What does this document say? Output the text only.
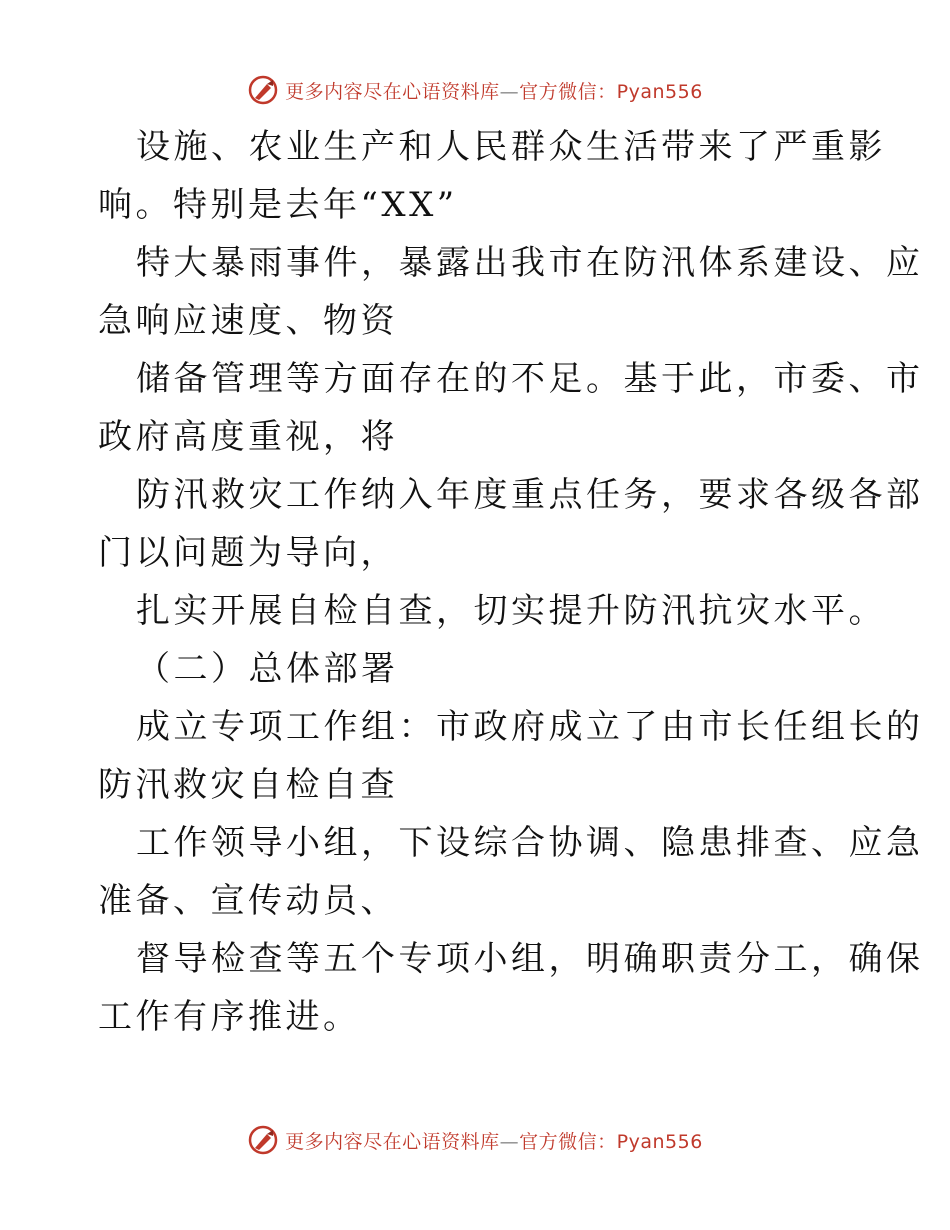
更多内容尽在心语资料库—官方微信：Pyan556
设施、农业生产和人民群众生活带来了严重影
响。特别是去年“XX”
特大暴雨事件，暴露出我市在防汛体系建设、应
急响应速度、物资
储备管理等方面存在的不足。基于此，市委、市
政府高度重视，将
防汛救灾工作纳入年度重点任务，要求各级各部
门以问题为导向，
扎实开展自检自查，切实提升防汛抗灾水平。
（二）总体部署
成立专项工作组：市政府成立了由市长任组长的
防汛救灾自检自查
工作领导小组，下设综合协调、隐患排查、应急
准备、宣传动员、
督导检查等五个专项小组，明确职责分工，确保
工作有序推进。
更多内容尽在心语资料库—官方微信：Pyan556
